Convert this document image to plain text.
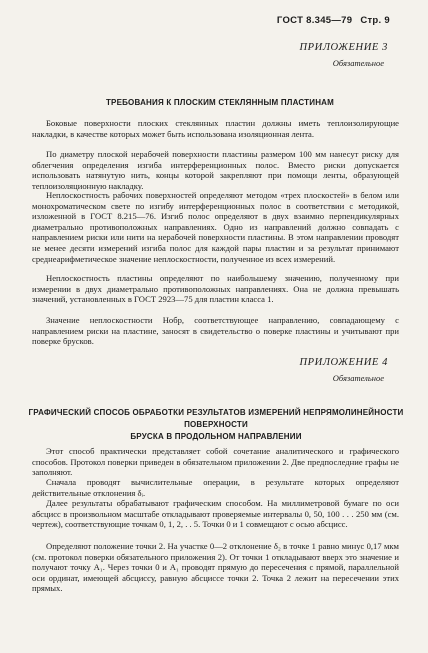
ГОСТ 8.345—79 Стр. 9
ПРИЛОЖЕНИЕ 3
Обязательное
ТРЕБОВАНИЯ К ПЛОСКИМ СТЕКЛЯННЫМ ПЛАСТИНАМ

Боковые поверхности плоских стеклянных пластин должны иметь теплоизолирующие накладки, в качестве которых может быть использована изоляционная лента.

По диаметру плоской нерабочей поверхности пластины размером 100 мм нанесут риску для облегчения определения изгиба интерференционных полос. Вместо риски допускается использовать натянутую нить, концы которой закрепляют при помощи ленты, образующей теплоизоляционную накладку.

Неплоскостность рабочих поверхностей определяют методом «трех плоскостей» в белом или монохроматическом свете по изгибу интерференционных полос в соответствии с методикой, изложенной в ГОСТ 8.215—76. Изгиб полос определяют в двух взаимно перпендикулярных диаметрально противоположных направлениях. Одно из направлений должно совпадать с направлением риски или нити на нерабочей поверхности пластины. В этом направлении проводят не менее десяти измерений изгиба полос для каждой пары пластин и за результат принимают среднеарифметическое значение неплоскостности, полученное из всех измерений.

Неплоскостность пластины определяют по наибольшему значению, полученному при измерении в двух диаметрально противоположных направлениях. Она не должна превышать значений, установленных в ГОСТ 2923—75 для пластин класса 1.

Значение неплоскостности Hобр, соответствующее направлению, совпадающему с направлением риски на пластине, заносят в свидетельство о поверке пластины и учитывают при поверке брусков.

ПРИЛОЖЕНИЕ 4
Обязательное
ГРАФИЧЕСКИЙ СПОСОБ ОБРАБОТКИ РЕЗУЛЬТАТОВ ИЗМЕРЕНИЙ НЕПРЯМОЛИНЕЙНОСТИ ПОВЕРХНОСТИ
БРУСКА В ПРОДОЛЬНОМ НАПРАВЛЕНИИ

Этот способ практически представляет собой сочетание аналитического и графического способов. Протокол поверки приведен в обязательном приложении 2. Две предпоследние графы не заполняют.

Сначала проводят вычислительные операции, в результате которых определяют действительные отклонения δᵢ.

Далее результаты обрабатывают графическим способом. На миллиметровой бумаге по оси абсцисс в произвольном масштабе откладывают проверяемые интервалы 0, 50, 100 . . . 250 мм (см. чертеж), соответствующие точкам 0, 1, 2, . . 5. Точки 0 и 1 совмещают с осью абсцисс.

Определяют положение точки 2. На участке 0—2 отклонение δ₂ в точке 1 равно минус 0,17 мкм (см. протокол поверки обязательного приложения 2). От точки 1 откладывают вверх это значение и получают точку A₁. Через точки 0 и A₁ проводят прямую до пересечения с прямой, параллельной оси ординат, имеющей абсциссу, равную абсциссе точки 2. Точка 2 лежит на пересечении этих прямых.
